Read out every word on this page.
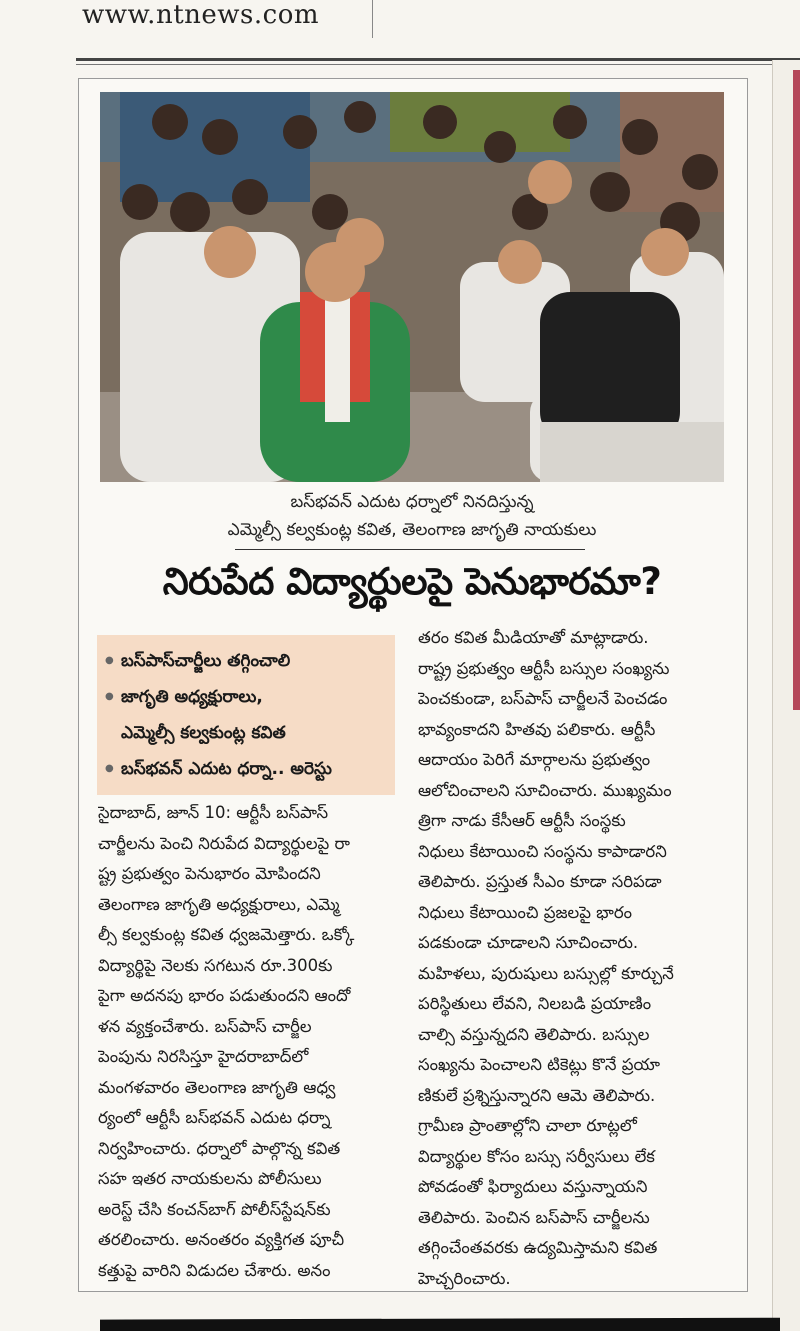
www.ntnews.com
బస్‌భవన్ ఎదుట ధర్నాలో నినదిస్తున్న
ఎమ్మెల్సీ కల్వకుంట్ల కవిత, తెలంగాణ జాగృతి నాయకులు
నిరుపేద విద్యార్థులపై పెనుభారమా?
● బస్‌పాస్‌చార్జీలు తగ్గించాలి
● జాగృతి అధ్యక్షురాలు,
ఎమ్మెల్సీ కల్వకుంట్ల కవిత
● బస్‌భవన్ ఎదుట ధర్నా.. అరెస్టు
సైదాబాద్, జూన్ 10: ఆర్టీసీ బస్‌పాస్
చార్జీలను పెంచి నిరుపేద విద్యార్థులపై రా
ష్ట్ర ప్రభుత్వం పెనుభారం మోపిందని
తెలంగాణ జాగృతి అధ్యక్షురాలు, ఎమ్మె
ల్సీ కల్వకుంట్ల కవిత ధ్వజమెత్తారు. ఒక్కో
విద్యార్థిపై నెలకు సగటున రూ.300కు
పైగా అదనపు భారం పడుతుందని ఆందో
ళన వ్యక్తంచేశారు. బస్‌పాస్ చార్జీల
పెంపును నిరసిస్తూ హైదరాబాద్‌లో
మంగళవారం తెలంగాణ జాగృతి ఆధ్వ
ర్యంలో ఆర్టీసీ బస్‌భవన్ ఎదుట ధర్నా
నిర్వహించారు. ధర్నాలో పాల్గొన్న కవిత
సహ ఇతర నాయకులను పోలీసులు
అరెస్ట్ చేసి కంచన్‌బాగ్ పోలీస్‌స్టేషన్‌కు
తరలించారు. అనంతరం వ్యక్తిగత పూచీ
కత్తుపై వారిని విడుదల చేశారు. అనం
తరం కవిత మీడియాతో మాట్లాడారు.
రాష్ట్ర ప్రభుత్వం ఆర్టీసీ బస్సుల సంఖ్యను
పెంచకుండా, బస్‌పాస్ చార్జీలనే పెంచడం
భావ్యంకాదని హితవు పలికారు. ఆర్టీసీ
ఆదాయం పెరిగే మార్గాలను ప్రభుత్వం
ఆలోచించాలని సూచించారు. ముఖ్యమం
త్రిగా నాడు కేసీఆర్ ఆర్టీసీ సంస్థకు
నిధులు కేటాయించి సంస్థను కాపాడారని
తెలిపారు. ప్రస్తుత సీఎం కూడా సరిపడా
నిధులు కేటాయించి ప్రజలపై భారం
పడకుండా చూడాలని సూచించారు.
మహిళలు, పురుషులు బస్సుల్లో కూర్చునే
పరిస్థితులు లేవని, నిలబడి ప్రయాణిం
చాల్సి వస్తున్నదని తెలిపారు. బస్సుల
సంఖ్యను పెంచాలని టికెట్లు కొనే ప్రయా
ణికులే ప్రశ్నిస్తున్నారని ఆమె తెలిపారు.
గ్రామీణ ప్రాంతాల్లోని చాలా రూట్లలో
విద్యార్థుల కోసం బస్సు సర్వీసులు లేక
పోవడంతో ఫిర్యాదులు వస్తున్నాయని
తెలిపారు. పెంచిన బస్‌పాస్ చార్జీలను
తగ్గించేంతవరకు ఉద్యమిస్తామని కవిత
హెచ్చరించారు.
